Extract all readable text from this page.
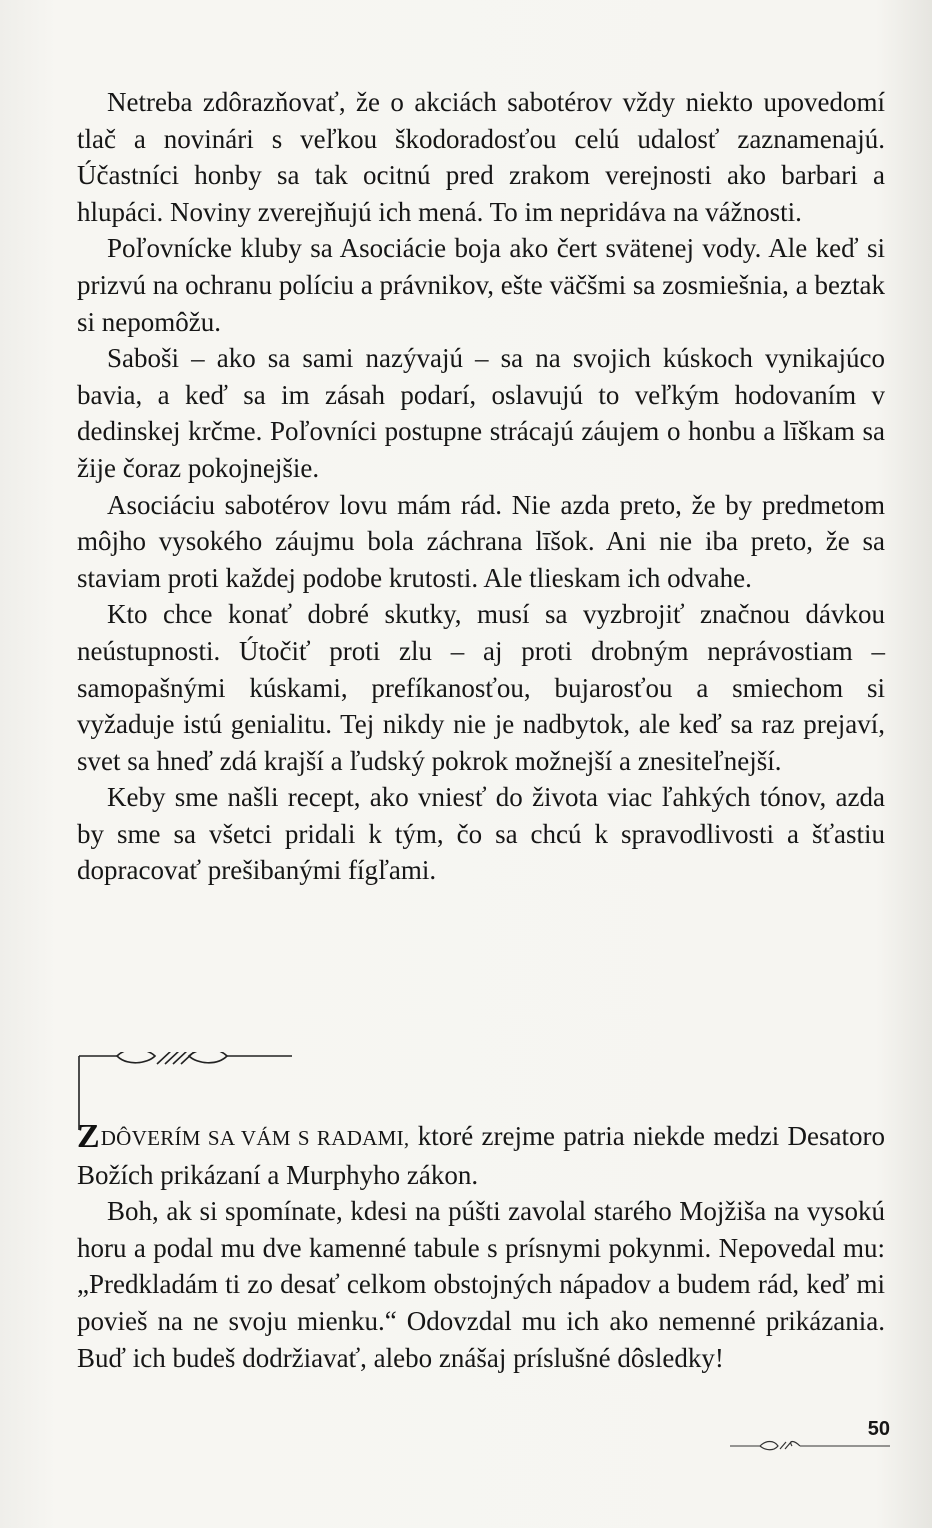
Netreba zdôrazňovať, že o akciách sabotérov vždy niekto upovedomí tlač a novinári s veľkou škodoradosťou celú udalosť zaznamenajú. Účastníci honby sa tak ocitnú pred zrakom verejnosti ako barbari a hlupáci. Noviny zverejňujú ich mená. To im nepridáva na vážnosti.

Poľovnícke kluby sa Asociácie boja ako čert svätenej vody. Ale keď si prizvú na ochranu políciu a právnikov, ešte väčšmi sa zosmiešnia, a beztak si nepomôžu.

Saboši – ako sa sami nazývajú – sa na svojich kúskoch vynikajúco bavia, a keď sa im zásah podarí, oslavujú to veľkým hodovaním v dedinskej krčme. Poľovníci postupne strácajú záujem o honbu a līškam sa žije čoraz pokojnejšie.

Asociáciu sabotérov lovu mám rád. Nie azda preto, že by predmetom môjho vysokého záujmu bola záchrana līšok. Ani nie iba preto, že sa staviam proti každej podobe krutosti. Ale tlieskam ich odvahe.

Kto chce konať dobré skutky, musí sa vyzbrojiť značnou dávkou neústupnosti. Útočiť proti zlu – aj proti drobným neprávostiam – samopašnými kúskami, prefíkanosťou, bujarosťou a smiechom si vyžaduje istú genialitu. Tej nikdy nie je nadbytok, ale keď sa raz prejaví, svet sa hneď zdá krajší a ľudský pokrok možnejší a znesiteľnejší.

Keby sme našli recept, ako vniesť do života viac ľahkých tónov, azda by sme sa všetci pridali k tým, čo sa chcú k spravodlivosti a šťastiu dopracovať prešibanými fígľami.

ZDÔVERÍM SA VÁM S RADAMI, ktoré zrejme patria niekde medzi Desatoro Božích prikázaní a Murphyho zákon.

Boh, ak si spomínate, kdesi na púšti zavolal starého Mojžiša na vysokú horu a podal mu dve kamenné tabule s prísnymi pokynmi. Nepovedal mu: „Predkladám ti zo desať celkom obstojných nápadov a budem rád, keď mi povieš na ne svoju mienku.“ Odovzdal mu ich ako nemenné prikázania. Buď ich budeš dodržiavať, alebo znášaj príslušné dôsledky!

50
